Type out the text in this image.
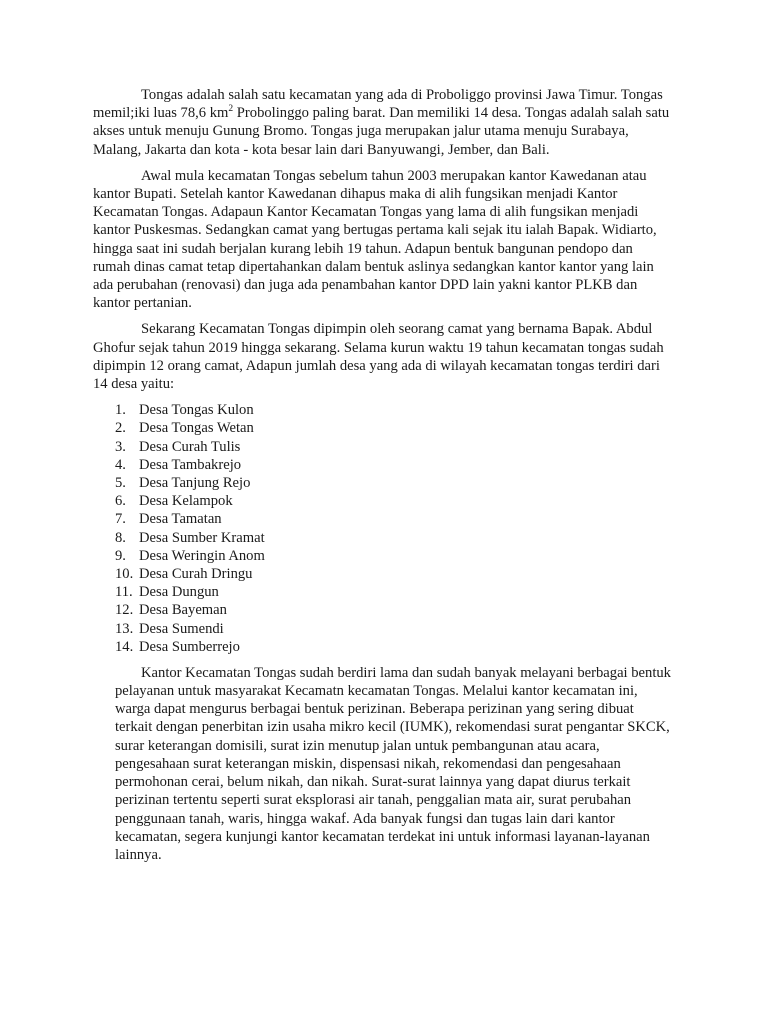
Tongas adalah salah satu kecamatan yang ada di Proboliggo provinsi Jawa Timur. Tongas memil;iki luas 78,6 $km^2$ Probolinggo paling barat. Dan memiliki 14 desa. Tongas adalah salah satu akses untuk menuju Gunung Bromo. Tongas juga merupakan jalur utama menuju Surabaya, Malang, Jakarta dan kota - kota besar lain dari Banyuwangi, Jember, dan Bali.

Awal mula kecamatan Tongas sebelum tahun 2003 merupakan kantor Kawedanan atau kantor Bupati. Setelah kantor Kawedanan dihapus maka di alih fungsikan menjadi Kantor Kecamatan Tongas. Adapaun Kantor Kecamatan Tongas yang lama di alih fungsikan menjadi kantor Puskesmas. Sedangkan camat yang bertugas pertama kali sejak itu ialah Bapak. Widiarto, hingga saat ini sudah berjalan kurang lebih 19 tahun. Adapun bentuk bangunan pendopo dan rumah dinas camat tetap dipertahankan dalam bentuk aslinya sedangkan kantor kantor yang lain ada perubahan (renovasi) dan juga ada penambahan kantor DPD lain yakni kantor PLKB dan kantor pertanian.

Sekarang Kecamatan Tongas dipimpin oleh seorang camat yang bernama Bapak. Abdul Ghofur sejak tahun 2019 hingga sekarang. Selama kurun waktu 19 tahun kecamatan tongas sudah dipimpin 12 orang camat, Adapun jumlah desa yang ada di wilayah kecamatan tongas terdiri dari 14 desa yaitu:

1. Desa Tongas Kulon
2. Desa Tongas Wetan
3. Desa Curah Tulis
4. Desa Tambakrejo
5. Desa Tanjung Rejo
6. Desa Kelampok
7. Desa Tamatan
8. Desa Sumber Kramat
9. Desa Weringin Anom
10. Desa Curah Dringu
11. Desa Dungun
12. Desa Bayeman
13. Desa Sumendi
14. Desa Sumberrejo

Kantor Kecamatan Tongas sudah berdiri lama dan sudah banyak melayani berbagai bentuk pelayanan untuk masyarakat Kecamatn kecamatan Tongas. Melalui kantor kecamatan ini, warga dapat mengurus berbagai bentuk perizinan. Beberapa perizinan yang sering dibuat terkait dengan penerbitan izin usaha mikro kecil (IUMK), rekomendasi surat pengantar SKCK, surar keterangan domisili, surat izin menutup jalan untuk pembangunan atau acara, pengesahaan surat keterangan miskin, dispensasi nikah, rekomendasi dan pengesahaan permohonan cerai, belum nikah, dan nikah. Surat-surat lainnya yang dapat diurus terkait perizinan tertentu seperti surat eksplorasi air tanah, penggalian mata air, surat perubahan penggunaan tanah, waris, hingga wakaf. Ada banyak fungsi dan tugas lain dari kantor kecamatan, segera kunjungi kantor kecamatan terdekat ini untuk informasi layanan-layanan lainnya.
